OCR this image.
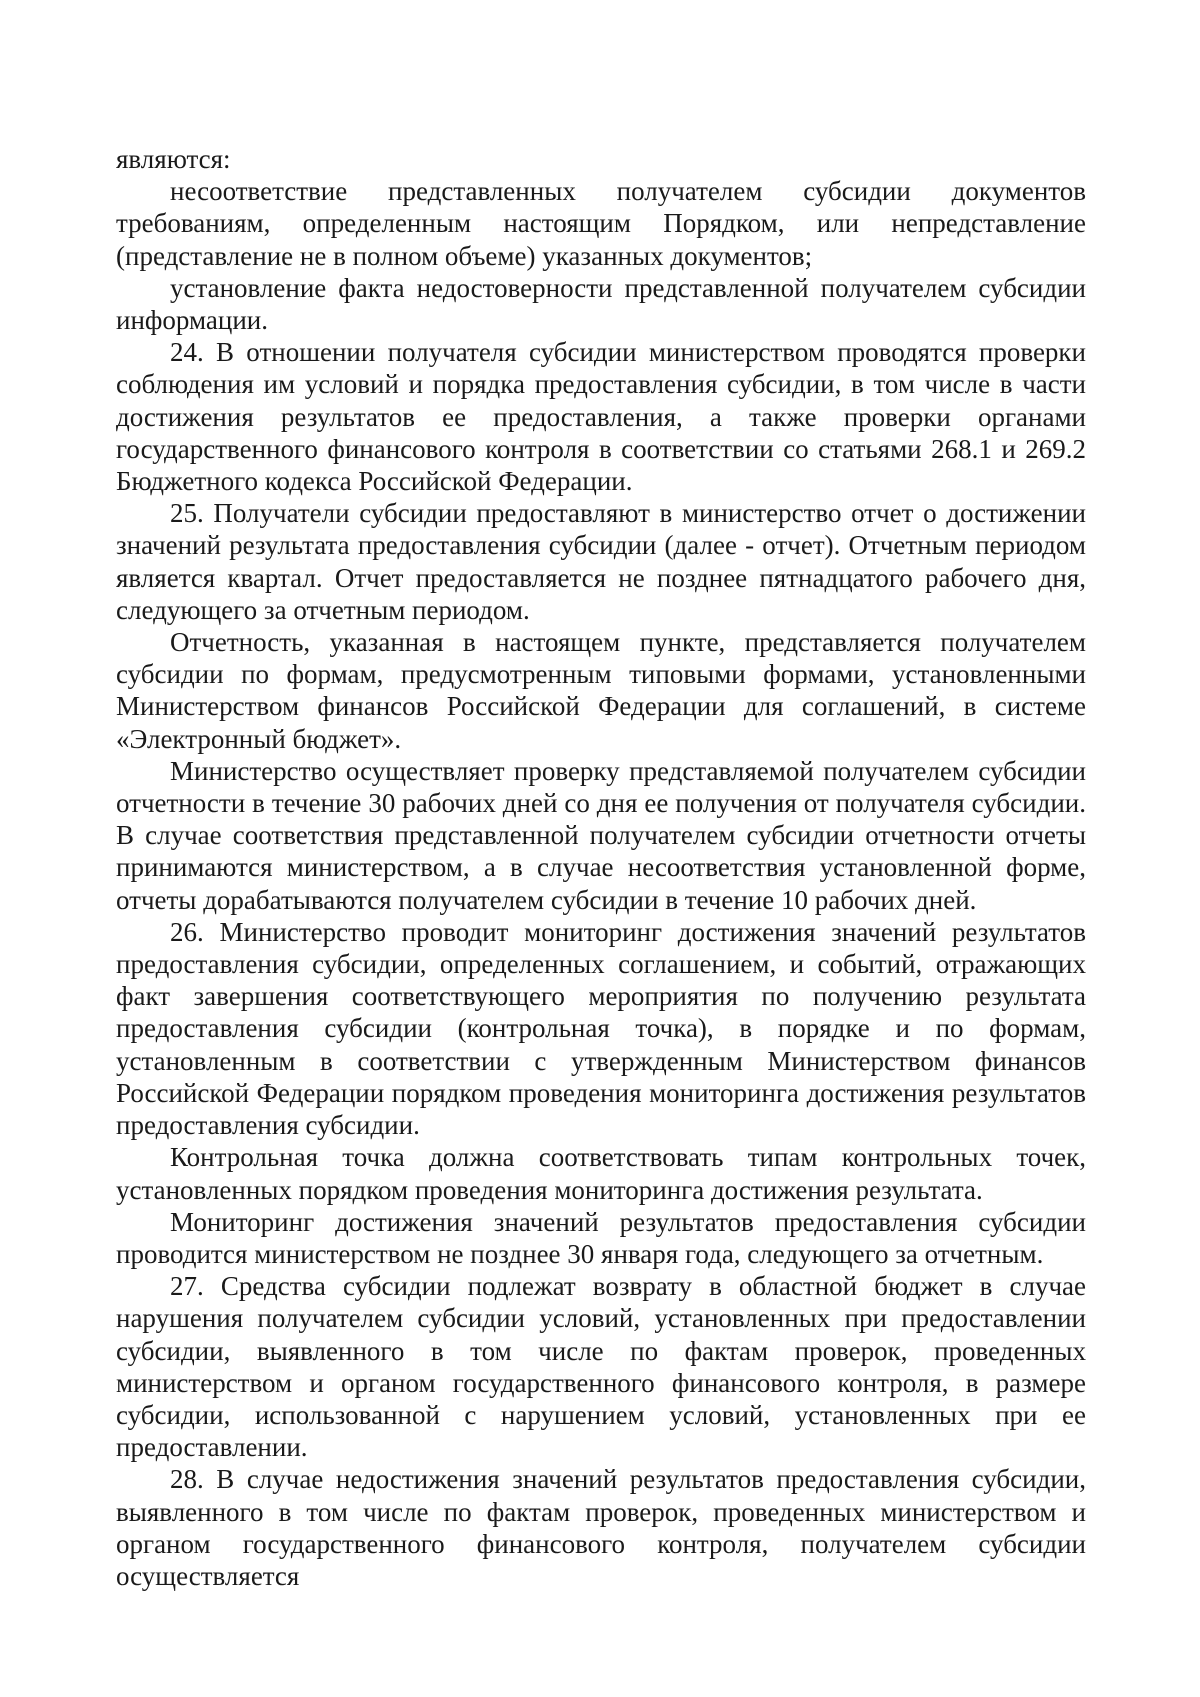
являются:

несоответствие представленных получателем субсидии документов требованиям, определенным настоящим Порядком, или непредставление (представление не в полном объеме) указанных документов;

установление факта недостоверности представленной получателем субсидии информации.

24. В отношении получателя субсидии министерством проводятся проверки соблюдения им условий и порядка предоставления субсидии, в том числе в части достижения результатов ее предоставления, а также проверки органами государственного финансового контроля в соответствии со статьями 268.1 и 269.2 Бюджетного кодекса Российской Федерации.

25. Получатели субсидии предоставляют в министерство отчет о достижении значений результата предоставления субсидии (далее - отчет). Отчетным периодом является квартал. Отчет предоставляется не позднее пятнадцатого рабочего дня, следующего за отчетным периодом.

Отчетность, указанная в настоящем пункте, представляется получателем субсидии по формам, предусмотренным типовыми формами, установленными Министерством финансов Российской Федерации для соглашений, в системе «Электронный бюджет».

Министерство осуществляет проверку представляемой получателем субсидии отчетности в течение 30 рабочих дней со дня ее получения от получателя субсидии. В случае соответствия представленной получателем субсидии отчетности отчеты принимаются министерством, а в случае несоответствия установленной форме, отчеты дорабатываются получателем субсидии в течение 10 рабочих дней.

26. Министерство проводит мониторинг достижения значений результатов предоставления субсидии, определенных соглашением, и событий, отражающих факт завершения соответствующего мероприятия по получению результата предоставления субсидии (контрольная точка), в порядке и по формам, установленным в соответствии с утвержденным Министерством финансов Российской Федерации порядком проведения мониторинга достижения результатов предоставления субсидии.

Контрольная точка должна соответствовать типам контрольных точек, установленных порядком проведения мониторинга достижения результата.

Мониторинг достижения значений результатов предоставления субсидии проводится министерством не позднее 30 января года, следующего за отчетным.

27. Средства субсидии подлежат возврату в областной бюджет в случае нарушения получателем субсидии условий, установленных при предоставлении субсидии, выявленного в том числе по фактам проверок, проведенных министерством и органом государственного финансового контроля, в размере субсидии, использованной с нарушением условий, установленных при ее предоставлении.

28. В случае недостижения значений результатов предоставления субсидии, выявленного в том числе по фактам проверок, проведенных министерством и органом государственного финансового контроля, получателем субсидии осуществляется
